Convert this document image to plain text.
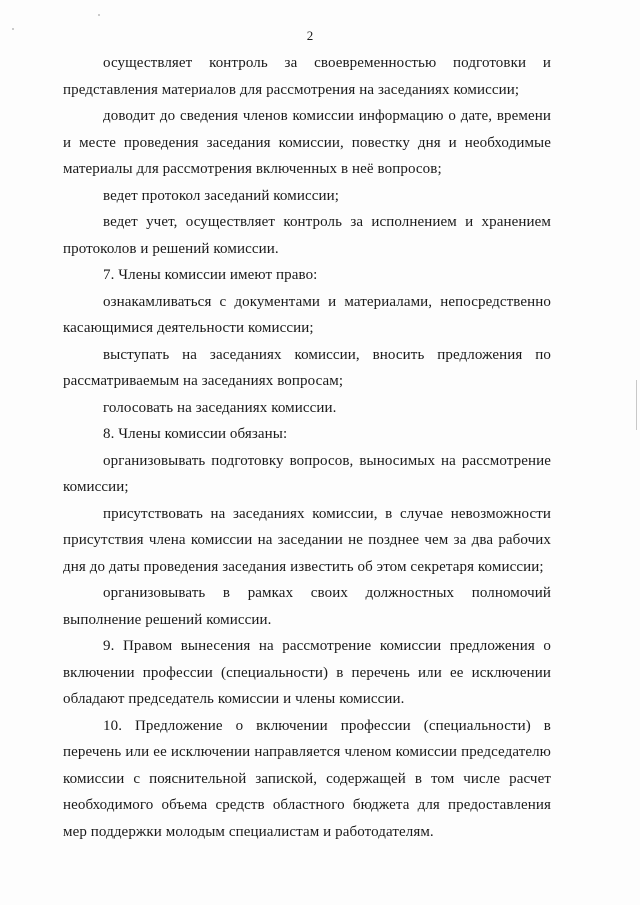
2

осуществляет контроль за своевременностью подготовки и представления материалов для рассмотрения на заседаниях комиссии;

доводит до сведения членов комиссии информацию о дате, времени и месте проведения заседания комиссии, повестку дня и необходимые материалы для рассмотрения включенных в неё вопросов;

ведет протокол заседаний комиссии;

ведет учет, осуществляет контроль за исполнением и хранением протоколов и решений комиссии.

7. Члены комиссии имеют право:

ознакамливаться с документами и материалами, непосредственно касающимися деятельности комиссии;

выступать на заседаниях комиссии, вносить предложения по рассматриваемым на заседаниях вопросам;

голосовать на заседаниях комиссии.

8. Члены комиссии обязаны:

организовывать подготовку вопросов, выносимых на рассмотрение комиссии;

присутствовать на заседаниях комиссии, в случае невозможности присутствия члена комиссии на заседании не позднее чем за два рабочих дня до даты проведения заседания известить об этом секретаря комиссии;

организовывать в рамках своих должностных полномочий выполнение решений комиссии.

9. Правом вынесения на рассмотрение комиссии предложения о включении профессии (специальности) в перечень или ее исключении обладают председатель комиссии и члены комиссии.

10. Предложение о включении профессии (специальности) в перечень или ее исключении направляется членом комиссии председателю комиссии с пояснительной запиской, содержащей в том числе расчет необходимого объема средств областного бюджета для предоставления мер поддержки молодым специалистам и работодателям.
